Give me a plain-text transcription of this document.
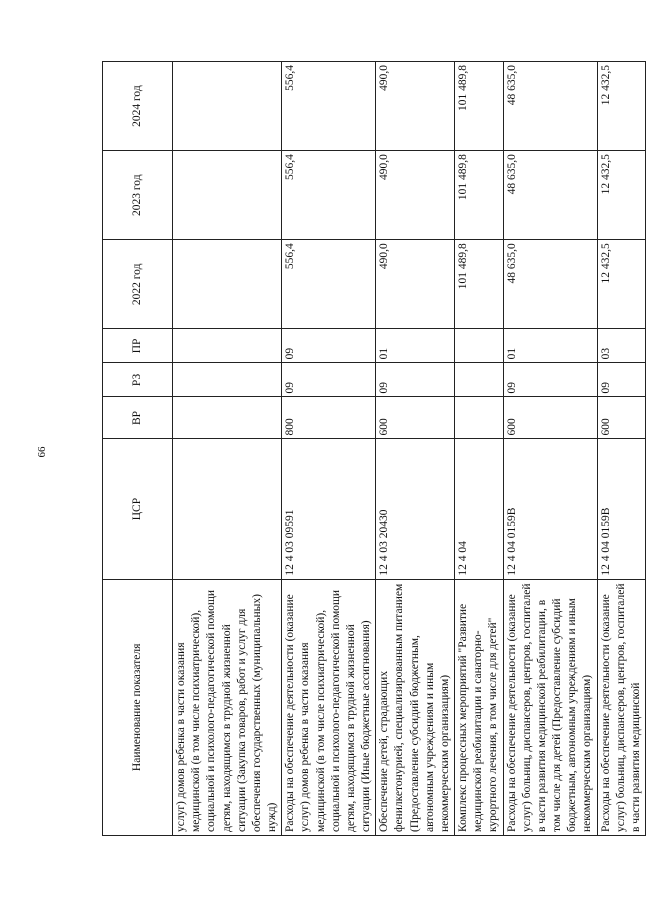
66
Наименование показателя	ЦСР	ВР	РЗ	ПР	2022 год	2023 год	2024 год
услуг) домов ребенка в части оказания медицинской (в том числе психиатрической), социальной и психолого-педагогической помощи детям, находящимся в трудной жизненной ситуации (Закупка товаров, работ и услуг для обеспечения государственных (муниципальных) нужд)							
Расходы на обеспечение деятельности (оказание услуг) домов ребенка в части оказания медицинской (в том числе психиатрической), социальной и психолого-педагогической помощи детям, находящимся в трудной жизненной ситуации (Иные бюджетные ассигнования)	12 4 03 09591	800	09	09	556,4	556,4	556,4
Обеспечение детей, страдающих фенилкетонурией, специализированным питанием (Предоставление субсидий бюджетным, автономным учреждениям и иным некоммерческим организациям)	12 4 03 20430	600	09	01	490,0	490,0	490,0
Комплекс процессных мероприятий "Развитие медицинской реабилитации и санаторно-курортного лечения, в том числе для детей"	12 4 04				101 489,8	101 489,8	101 489,8
Расходы на обеспечение деятельности (оказание услуг) больниц, диспансеров, центров, госпиталей в части развития медицинской реабилитации, в том числе для детей (Предоставление субсидий бюджетным, автономным учреждениям и иным некоммерческим организациям)	12 4 04 0159В	600	09	01	48 635,0	48 635,0	48 635,0
Расходы на обеспечение деятельности (оказание услуг) больниц, диспансеров, центров, госпиталей в части развития медицинской	12 4 04 0159В	600	09	03	12 432,5	12 432,5	12 432,5
